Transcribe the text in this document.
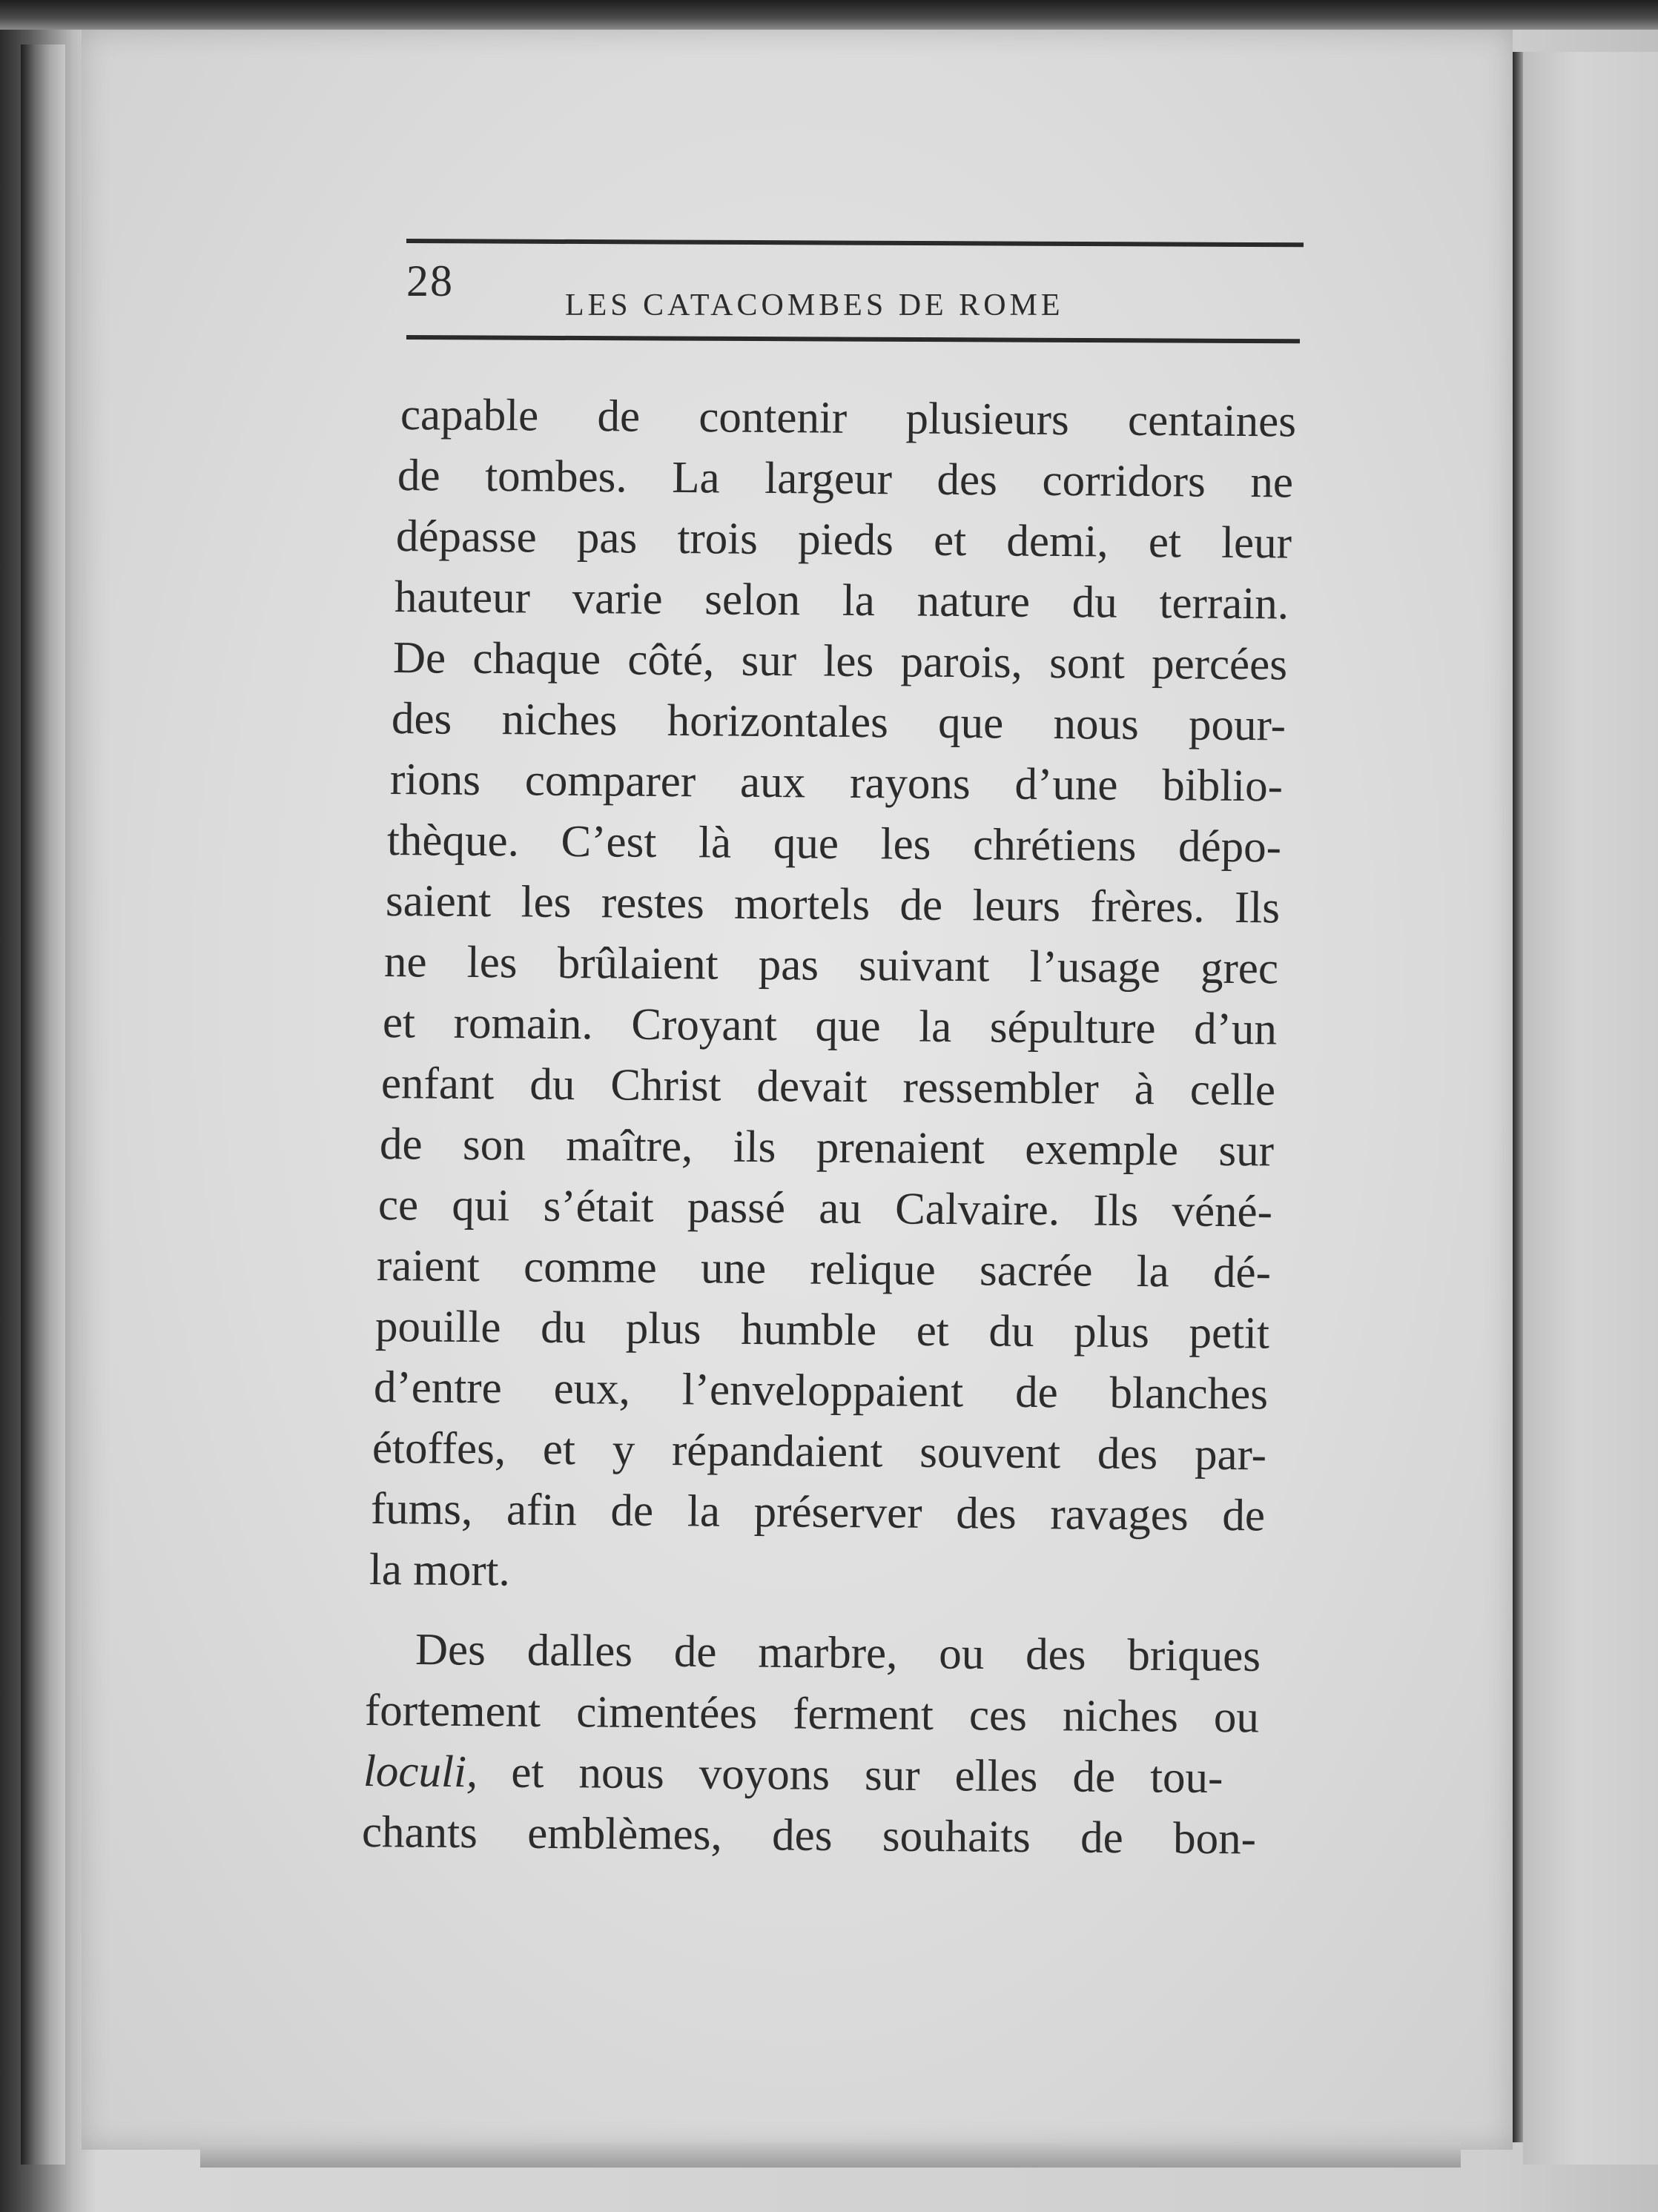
28	LES CATACOMBES DE ROME
capable de contenir plusieurs centaines
de tombes. La largeur des corridors ne
dépasse pas trois pieds et demi, et leur
hauteur varie selon la nature du terrain.
De chaque côté, sur les parois, sont percées
des niches horizontales que nous pour-
rions comparer aux rayons d’une biblio-
thèque. C’est là que les chrétiens dépo-
saient les restes mortels de leurs frères. Ils
ne les brûlaient pas suivant l’usage grec
et romain. Croyant que la sépulture d’un
enfant du Christ devait ressembler à celle
de son maître, ils prenaient exemple sur
ce qui s’était passé au Calvaire. Ils véné-
raient comme une relique sacrée la dé-
pouille du plus humble et du plus petit
d’entre eux, l’enveloppaient de blanches
étoffes, et y répandaient souvent des par-
fums, afin de la préserver des ravages de
la mort.
Des dalles de marbre, ou des briques
fortement cimentées ferment ces niches ou
loculi, et nous voyons sur elles de tou-
chants emblèmes, des souhaits de bon-
